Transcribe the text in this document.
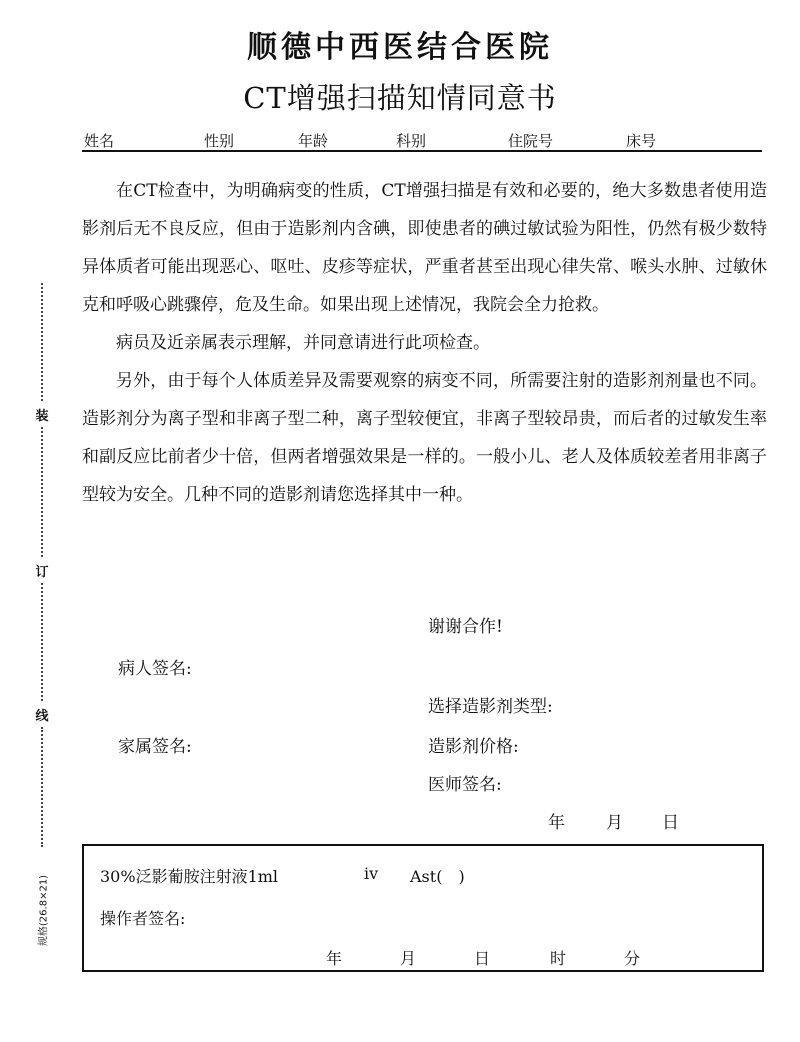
顺德中西医结合医院
CT增强扫描知情同意书
姓名	性别	年龄	科别	住院号	床号
装
订
线
规格(26.8×21)

在CT检查中，为明确病变的性质，CT增强扫描是有效和必要的，绝大多数患者使用造影剂后无不良反应，但由于造影剂内含碘，即使患者的碘过敏试验为阳性，仍然有极少数特异体质者可能出现恶心、呕吐、皮疹等症状，严重者甚至出现心律失常、喉头水肿、过敏休克和呼吸心跳骤停，危及生命。如果出现上述情况，我院会全力抢救。

病员及近亲属表示理解，并同意请进行此项检查。

另外，由于每个人体质差异及需要观察的病变不同，所需要注射的造影剂剂量也不同。造影剂分为离子型和非离子型二种，离子型较便宜，非离子型较昂贵，而后者的过敏发生率和副反应比前者少十倍，但两者增强效果是一样的。一般小儿、老人及体质较差者用非离子型较为安全。几种不同的造影剂请您选择其中一种。

谢谢合作!
病人签名:
选择造影剂类型:
家属签名:	造影剂价格:
医师签名:
年 月 日
30%泛影葡胺注射液1ml	iv Ast(　)
操作者签名:
年	月	日	时	分
